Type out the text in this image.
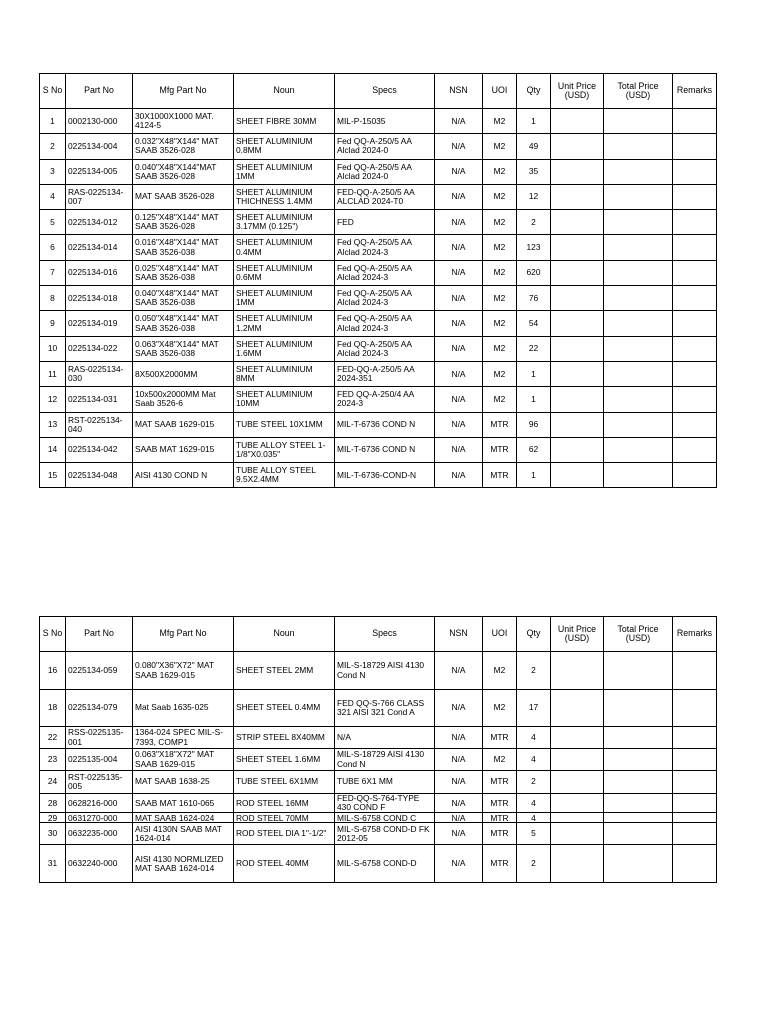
S No	Part No	Mfg Part No	Noun	Specs	NSN	UOI	Qty	Unit Price (USD)	Total Price (USD)	Remarks
1	0002130-000	30X1000X1000 MAT. 4124-5	SHEET FIBRE 30MM	MIL-P-15035	N/A	M2	1			
2	0225134-004	0.032"X48"X144" MAT SAAB 3526-028	SHEET ALUMINIUM 0.8MM	Fed QQ-A-250/5 AA Alclad 2024-0	N/A	M2	49			
3	0225134-005	0.040"X48"X144"MAT SAAB 3526-028	SHEET ALUMINIUM 1MM	Fed QQ-A-250/5 AA Alclad 2024-0	N/A	M2	35			
4	RAS-0225134-007	MAT SAAB 3526-028	SHEET ALUMINIUM THICHNESS 1.4MM	FED-QQ-A-250/5 AA ALCLAD 2024-T0	N/A	M2	12			
5	0225134-012	0.125"X48"X144" MAT SAAB 3526-028	SHEET ALUMINIUM 3.17MM (0.125")	FED	N/A	M2	2			
6	0225134-014	0.016"X48"X144" MAT SAAB 3526-038	SHEET ALUMINIUM 0.4MM	Fed QQ-A-250/5 AA Alclad 2024-3	N/A	M2	123			
7	0225134-016	0.025"X48"X144" MAT SAAB 3526-038	SHEET ALUMINIUM 0.6MM	Fed QQ-A-250/5 AA Alclad 2024-3	N/A	M2	620			
8	0225134-018	0.040"X48"X144" MAT SAAB 3526-038	SHEET ALUMINIUM 1MM	Fed QQ-A-250/5 AA Alclad 2024-3	N/A	M2	76			
9	0225134-019	0.050"X48"X144" MAT SAAB 3526-038	SHEET ALUMINIUM 1.2MM	Fed QQ-A-250/5 AA Alclad 2024-3	N/A	M2	54			
10	0225134-022	0.063"X48"X144" MAT SAAB 3526-038	SHEET ALUMINIUM 1.6MM	Fed QQ-A-250/5 AA Alclad 2024-3	N/A	M2	22			
11	RAS-0225134-030	8X500X2000MM	SHEET ALUMINIUM 8MM	FED-QQ-A-250/5 AA 2024-351	N/A	M2	1			
12	0225134-031	10x500x2000MM Mat Saab 3526-6	SHEET ALUMINIUM 10MM	FED QQ-A-250/4 AA 2024-3	N/A	M2	1			
13	RST-0225134-040	MAT SAAB 1629-015	TUBE STEEL 10X1MM	MIL-T-6736 COND N	N/A	MTR	96			
14	0225134-042	SAAB MAT 1629-015	TUBE ALLOY STEEL 1-1/8"X0.035"	MIL-T-6736 COND N	N/A	MTR	62			
15	0225134-048	AISI 4130 COND N	TUBE ALLOY STEEL 9.5X2.4MM	MIL-T-6736-COND-N	N/A	MTR	1			
S No	Part No	Mfg Part No	Noun	Specs	NSN	UOI	Qty	Unit Price (USD)	Total Price (USD)	Remarks
16	0225134-059	0.080"X36"X72" MAT SAAB 1629-015	SHEET STEEL 2MM	MIL-S-18729 AISI 4130 Cond N	N/A	M2	2			
18	0225134-079	Mat Saab 1635-025	SHEET STEEL 0.4MM	FED QQ-S-766 CLASS 321 AISI 321 Cond A	N/A	M2	17			
22	RSS-0225135-001	1364-024 SPEC MIL-S-7393, COMP1	STRIP STEEL 8X40MM	N/A	N/A	MTR	4			
23	0225135-004	0.063"X18"X72" MAT SAAB 1629-015	SHEET STEEL 1.6MM	MIL-S-18729 AISI 4130 Cond N	N/A	M2	4			
24	RST-0225135-005	MAT SAAB 1638-25	TUBE STEEL 6X1MM	TUBE 6X1 MM	N/A	MTR	2			
28	0628216-000	SAAB MAT 1610-065	ROD STEEL 16MM	FED-QQ-S-764-TYPE 430 COND F	N/A	MTR	4			
29	0631270-000	MAT SAAB 1624-024	ROD STEEL 70MM	MIL-S-6758 COND C	N/A	MTR	4			
30	0632235-000	AISI 4130N SAAB MAT 1624-014	ROD STEEL DIA 1"-1/2"	MIL-S-6758 COND-D FK 2012-05	N/A	MTR	5			
31	0632240-000	AISI 4130 NORMLIZED MAT SAAB 1624-014	ROD STEEL 40MM	MIL-S-6758 COND-D	N/A	MTR	2			
